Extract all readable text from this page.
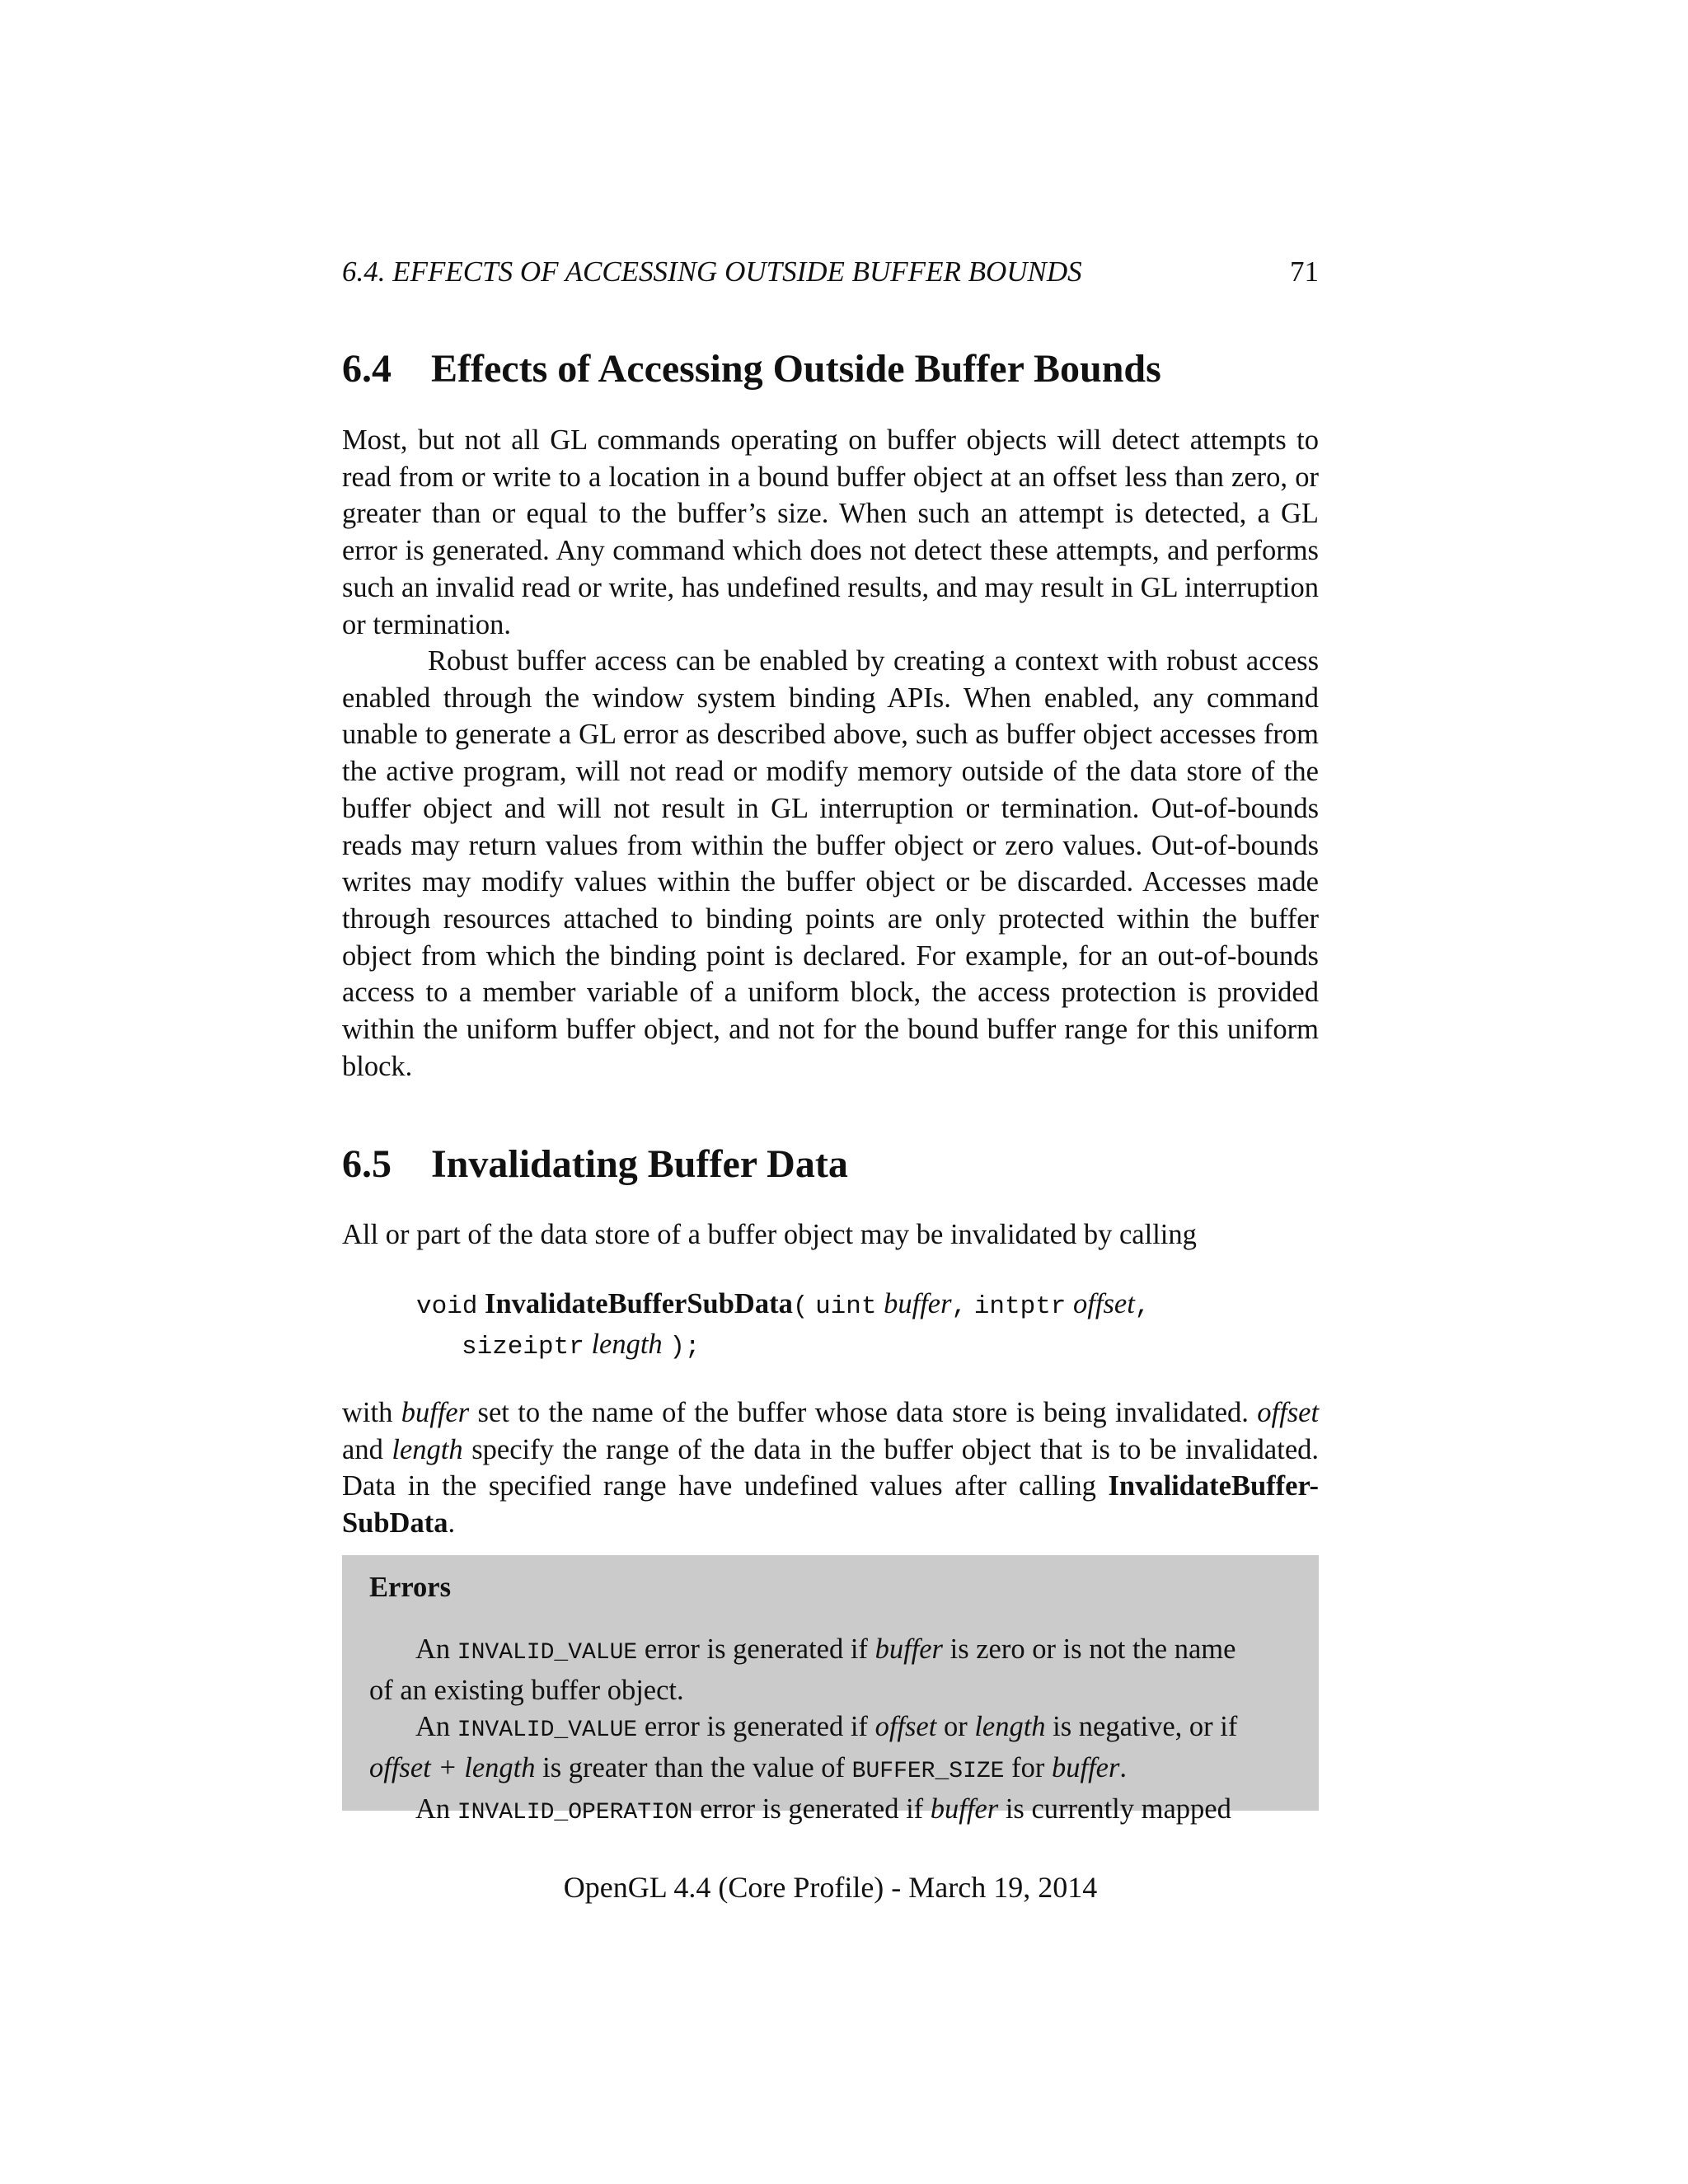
6.4. EFFECTS OF ACCESSING OUTSIDE BUFFER BOUNDS	71
6.4 Effects of Accessing Outside Buffer Bounds

Most, but not all GL commands operating on buffer objects will detect attempts to read from or write to a location in a bound buffer object at an offset less than zero, or greater than or equal to the buffer’s size. When such an attempt is detected, a GL error is generated. Any command which does not detect these attempts, and performs such an invalid read or write, has undefined results, and may result in GL interruption or termination.

Robust buffer access can be enabled by creating a context with robust access enabled through the window system binding APIs. When enabled, any command unable to generate a GL error as described above, such as buffer object accesses from the active program, will not read or modify memory outside of the data store of the buffer object and will not result in GL interruption or termination. Out-of-bounds reads may return values from within the buffer object or zero values. Out-of-bounds writes may modify values within the buffer object or be discarded. Accesses made through resources attached to binding points are only protected within the buffer object from which the binding point is declared. For example, for an out-of-bounds access to a member variable of a uniform block, the access protection is provided within the uniform buffer object, and not for the bound buffer range for this uniform block.

6.5 Invalidating Buffer Data

All or part of the data store of a buffer object may be invalidated by calling

void InvalidateBufferSubData( uint buffer, intptr offset,
sizeiptr length );

with buffer set to the name of the buffer whose data store is being invalidated. offset and length specify the range of the data in the buffer object that is to be invalidated. Data in the specified range have undefined values after calling InvalidateBuffer-SubData.

Errors
An INVALID_VALUE error is generated if buffer is zero or is not the name
of an existing buffer object.
An INVALID_VALUE error is generated if offset or length is negative, or if
offset + length is greater than the value of BUFFER_SIZE for buffer.
An INVALID_OPERATION error is generated if buffer is currently mapped
OpenGL 4.4 (Core Profile) - March 19, 2014
